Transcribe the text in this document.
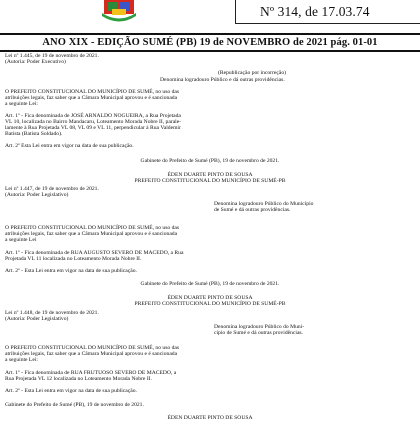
Nº 314, de 17.03.74
ANO XIX - EDIÇÃO SUMÉ (PB) 19 de NOVEMBRO de 2021 pág. 01-01
Lei nº 1.445, de 19 de novembro de 2021.
(Autoria: Poder Executivo)
(Republicação por incorreção)
Denomina logradouro Público e dá outras providências.
O PREFEITO CONSTITUCIONAL DO MUNICÍPIO DE SUMÉ, no uso das
atribuições legais, faz saber que a Câmara Municipal aprovou e é sancionada
a seguinte Lei:
Art. 1º - Fica denominada de JOSÉ ARNALDO NOGUEIRA, a Rua Projetada
VL 10, localizada no Bairro Mandacaru, Loteamento Morada Nobre II, parale-
lamente à Rua Projetada VL 08, VL 09 e VL 11, perpendicular à Rua Valdemir
Batista (Batista Soldado).
Art. 2º Esta Lei entra em vigor na data de sua publicação.
Gabinete do Prefeito de Sumé (PB), 19 de novembro de 2021.
ÉDEN DUARTE PINTO DE SOUSA
PREFEITO CONSTITUCIONAL DO MUNICÍPIO DE SUMÉ-PB
Lei nº 1.447, de 19 de novembro de 2021.
(Autoria: Poder Legislativo)
Denomina logradouro Público do Município
de Sumé e dá outras providências.
O PREFEITO CONSTITUCIONAL DO MUNICÍPIO DE SUMÉ, no uso das
atribuições legais, faz saber que a Câmara Municipal aprovou e é sancionada
a seguinte Lei
Art. 1º - Fica denominada de RUA AUGUSTO SEVERO DE MACEDO, a Rua
Projetada VL 11 localizada no Loteamento Morada Nobre II.
Art. 2º - Esta Lei entra em vigor na data de sua publicação.
Gabinete do Prefeito de Sumé (PB), 19 de novembro de 2021.
ÉDEN DUARTE PINTO DE SOUSA
PREFEITO CONSTITUCIONAL DO MUNICÍPIO DE SUMÉ-PB
Lei nº 1.448, de 19 de novembro de 2021.
(Autoria: Poder Legislativo)
Denomina logradouro Público do Muni-
cípio de Sumé e dá outras providências.
O PREFEITO CONSTITUCIONAL DO MUNICÍPIO DE SUMÉ, no uso das
atribuições legais, faz saber que a Câmara Municipal aprovou e é sancionada
a seguinte Lei:
Art. 1º - Fica denominada de RUA FRUTUOSO SEVERO DE MACEDO, a
Rua Projetada VL 12 localizada no Loteamento Morada Nobre II.
Art. 2º - Esta Lei entra em vigor na data de sua publicação.
Gabinete do Prefeito de Sumé (PB), 19 de novembro de 2021.
ÉDEN DUARTE PINTO DE SOUSA
